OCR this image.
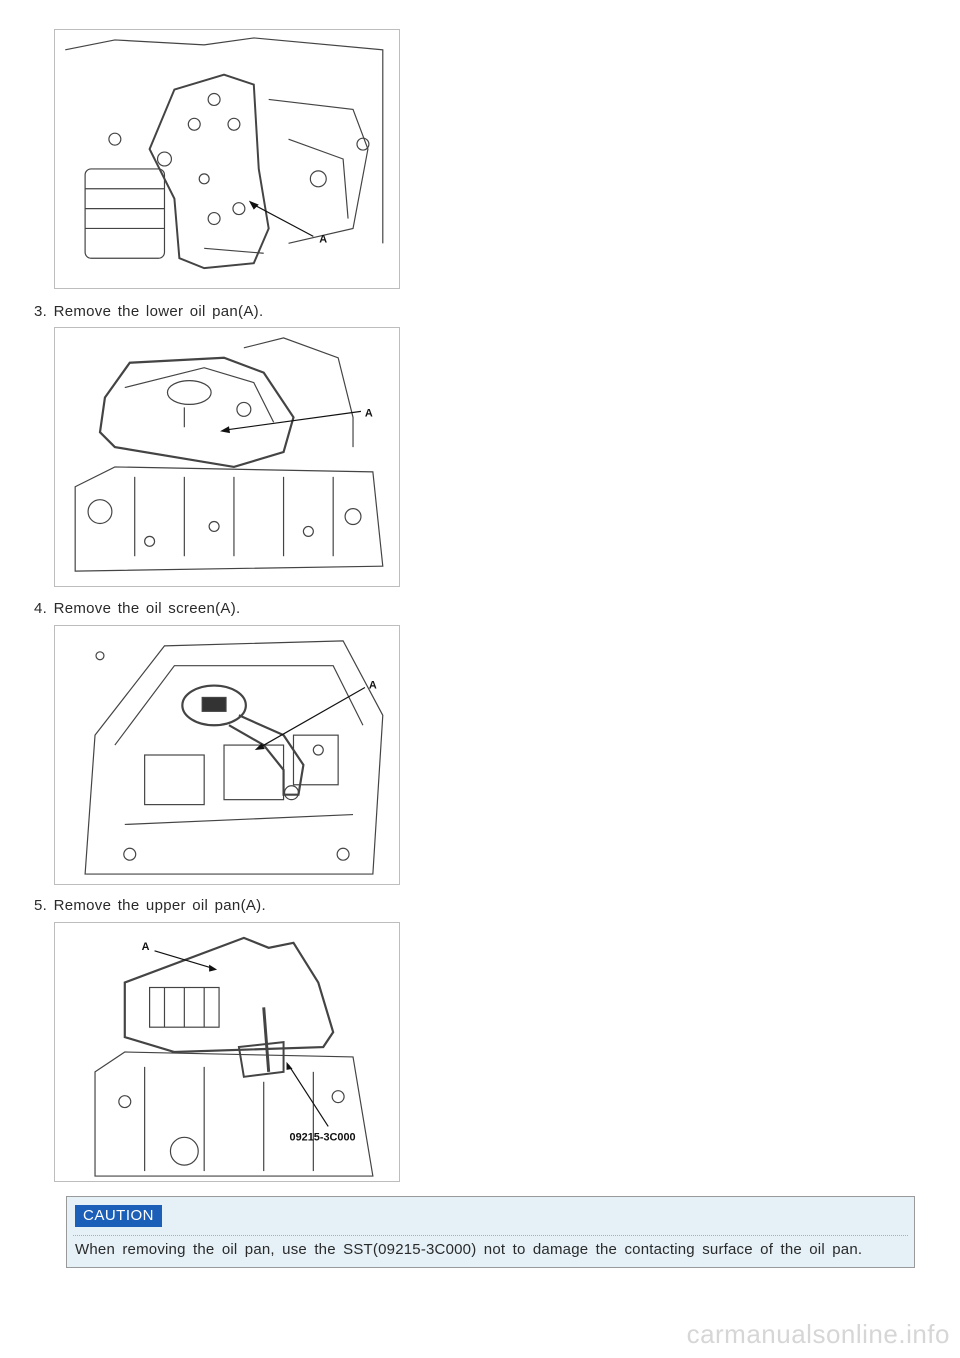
A
3. Remove the lower oil pan(A).
A
4. Remove the oil screen(A).
A
5. Remove the upper oil pan(A).
A
09215-3C000
CAUTION
When removing the oil pan, use the SST(09215-3C000) not to damage the contacting surface of the oil pan.
carmanualsonline.info
